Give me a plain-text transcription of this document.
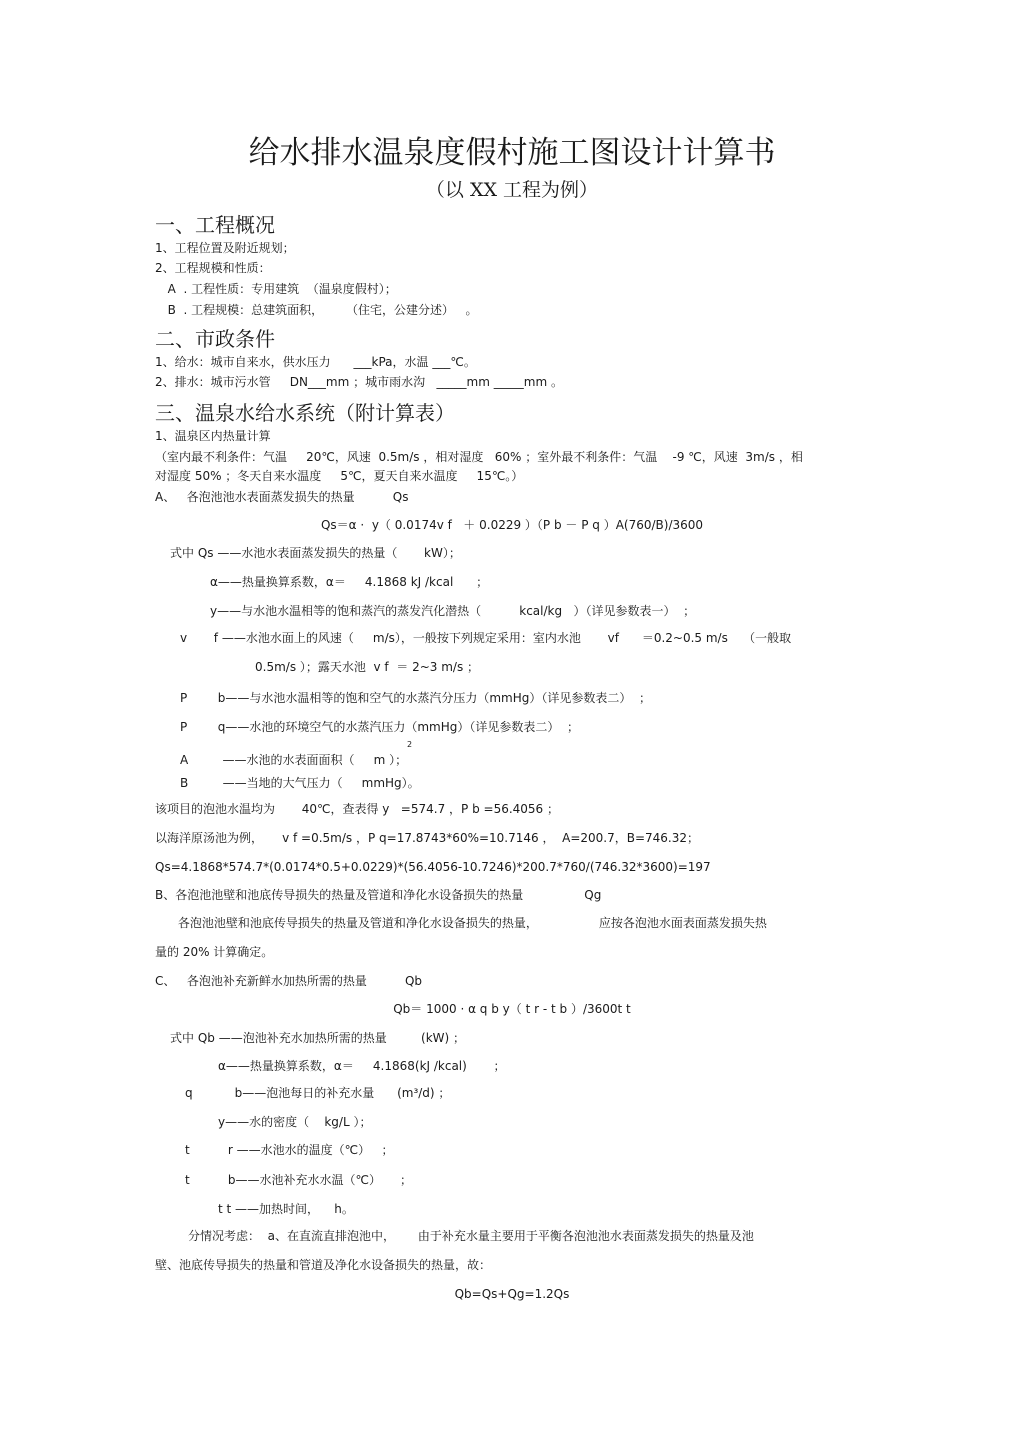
给水排水温泉度假村施工图设计计算书
（以 XX 工程为例）
一、工程概况
1、工程位置及附近规划；
2、工程规模和性质：
A  . 工程性质：专用建筑  （温泉度假村）；
B  . 工程规模：总建筑面积，      （住宅，公建分述）   。
二、市政条件
1、给水：城市自来水，供水压力      ___kPa，水温 ___℃。
2、排水：城市污水管     DN___mm ；城市雨水沟   _____mm _____mm 。
三、温泉水给水系统（附计算表）
1、温泉区内热量计算
（室内最不利条件：气温     20℃，风速  0.5m/s ，相对湿度   60% ；室外最不利条件：气温    -9 ℃，风速  3m/s ，相
对湿度 50% ；冬天自来水温度     5℃，夏天自来水温度     15℃。）
A、   各泡池池水表面蒸发损失的热量          Qs
Qs＝α ·  у（ 0.0174v f   ＋ 0.0229 ）（P b － P q ）A(760/B)/3600
式中 Qs ——水池水表面蒸发损失的热量（       kW）；
α——热量换算系数，α＝     4.1868 kJ /kcal      ；
у——与水池水温相等的饱和蒸汽的蒸发汽化潜热（          kcal/kg   ）（详见参数表一）  ；
v       f ——水池水面上的风速（     m/s），一般按下列规定采用：室内水池       vf      ＝0.2~0.5 m/s    （一般取
0.5m/s ）；露天水池  v f  ＝ 2~3 m/s ；
P        b——与水池水温相等的饱和空气的水蒸汽分压力（mmHg）（详见参数表二）  ；
P        q——水池的环境空气的水蒸汽压力（mmHg）（详见参数表二）  ；
2
A         ——水池的水表面面积（     m ）；
B         ——当地的大气压力（     mmHg）。
该项目的泡池水温均为       40℃，查表得 у   =574.7 ，P b =56.4056 ；
以海洋原汤池为例，     v f =0.5m/s ，P q=17.8743*60%=10.7146 ，  A=200.7，B=746.32；
Qs=4.1868*574.7*(0.0174*0.5+0.0229)*(56.4056-10.7246)*200.7*760/(746.32*3600)=197
B、各泡池池壁和池底传导损失的热量及管道和净化水设备损失的热量                Qg
各泡池池壁和池底传导损失的热量及管道和净化水设备损失的热量，                应按各泡池水面表面蒸发损失热
量的 20% 计算确定。
C、   各泡池补充新鲜水加热所需的热量          Qb
Qb＝ 1000 · α q b у（ t r - t b ）/3600t t
式中 Qb ——泡池补充水加热所需的热量         (kW) ；
α——热量换算系数，α＝     4.1868(kJ /kcal)       ；
q           b——泡池每日的补充水量      (m³/d) ；
у——水的密度（    kg/L ）；
t          r ——水池水的温度（℃）   ；
t          b——水池补充水水温（℃）     ；
t t ——加热时间，    h。
分情况考虑：  a、在直流直排泡池中，      由于补充水量主要用于平衡各泡池池水表面蒸发损失的热量及池
壁、池底传导损失的热量和管道及净化水设备损失的热量，故：
Qb=Qs+Qg=1.2Qs
